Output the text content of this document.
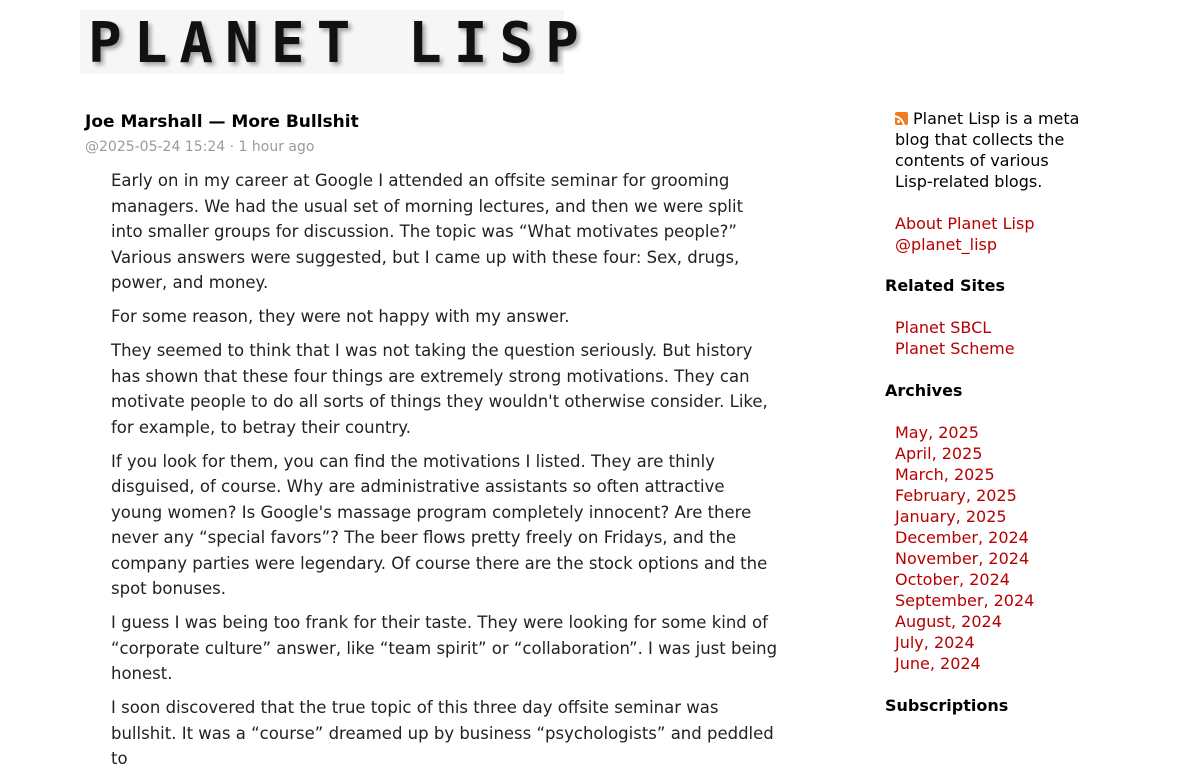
PLANET LISP
Joe Marshall — More Bullshit
@2025-05-24 15:24 · 1 hour ago

Early on in my career at Google I attended an offsite seminar for grooming managers. We had the usual set of morning lectures, and then we were split into smaller groups for discussion. The topic was “What motivates people?” Various answers were suggested, but I came up with these four: Sex, drugs, power, and money.

For some reason, they were not happy with my answer.

They seemed to think that I was not taking the question seriously. But history has shown that these four things are extremely strong motivations. They can motivate people to do all sorts of things they wouldn't otherwise consider. Like, for example, to betray their country.

If you look for them, you can find the motivations I listed. They are thinly disguised, of course. Why are administrative assistants so often attractive young women? Is Google's massage program completely innocent? Are there never any “special favors”? The beer flows pretty freely on Fridays, and the company parties were legendary. Of course there are the stock options and the spot bonuses.

I guess I was being too frank for their taste. They were looking for some kind of “corporate culture” answer, like “team spirit” or “collaboration”. I was just being honest.

I soon discovered that the true topic of this three day offsite seminar was bullshit. It was a “course” dreamed up by business “psychologists” and peddled to

Planet Lisp is a meta blog that collects the contents of various Lisp-related blogs.
About Planet Lisp
@planet_lisp
Related Sites
Planet SBCL
Planet Scheme
Archives
May, 2025
April, 2025
March, 2025
February, 2025
January, 2025
December, 2024
November, 2024
October, 2024
September, 2024
August, 2024
July, 2024
June, 2024
Subscriptions
